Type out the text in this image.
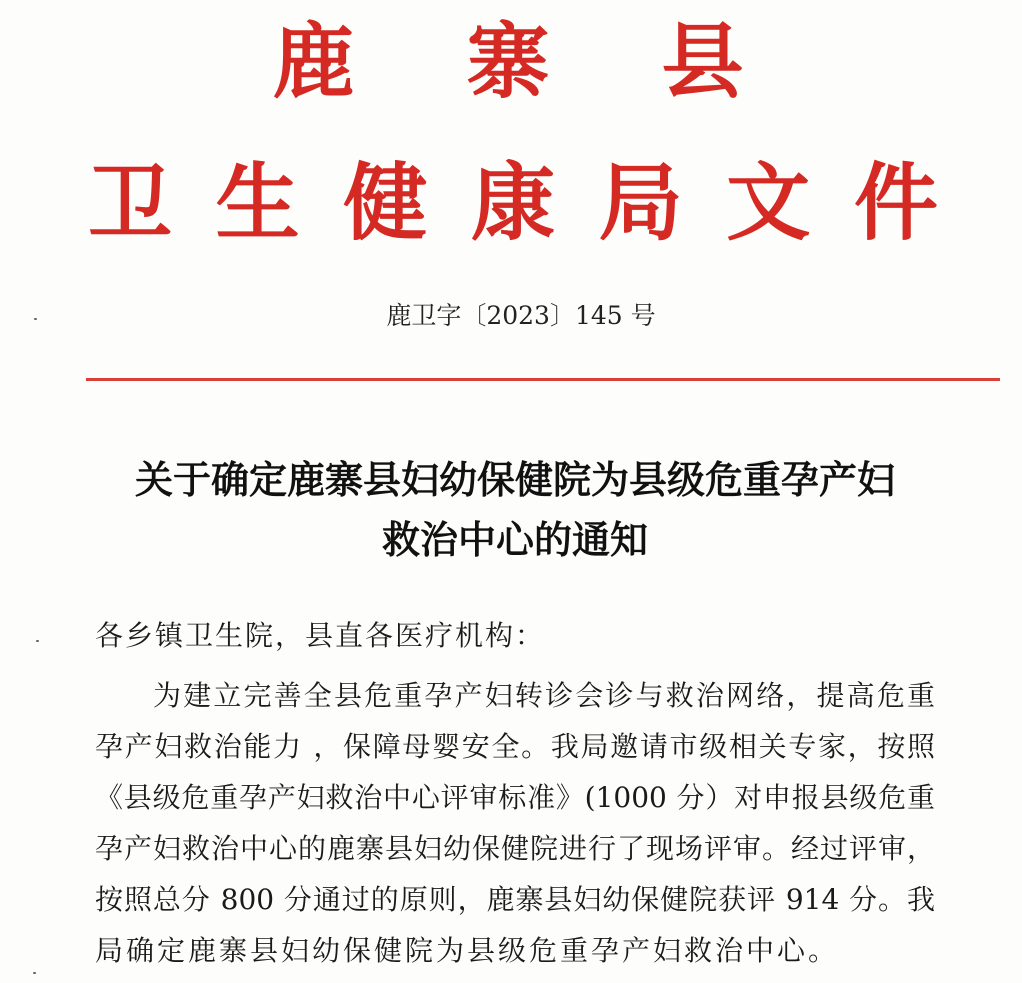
鹿 寨 县
卫 生 健 康 局 文 件
鹿卫字〔2023〕145 号
关于确定鹿寨县妇幼保健院为县级危重孕产妇
救治中心的通知
各乡镇卫生院，县直各医疗机构：
为建立完善全县危重孕产妇转诊会诊与救治网络，提高危重
孕产妇救治能力 ，保障母婴安全。我局邀请市级相关专家，按照
《县级危重孕产妇救治中心评审标准》(1000 分）对申报县级危重
孕产妇救治中心的鹿寨县妇幼保健院进行了现场评审。经过评审，
按照总分 800 分通过的原则，鹿寨县妇幼保健院获评 914 分。我
局确定鹿寨县妇幼保健院为县级危重孕产妇救治中心。
